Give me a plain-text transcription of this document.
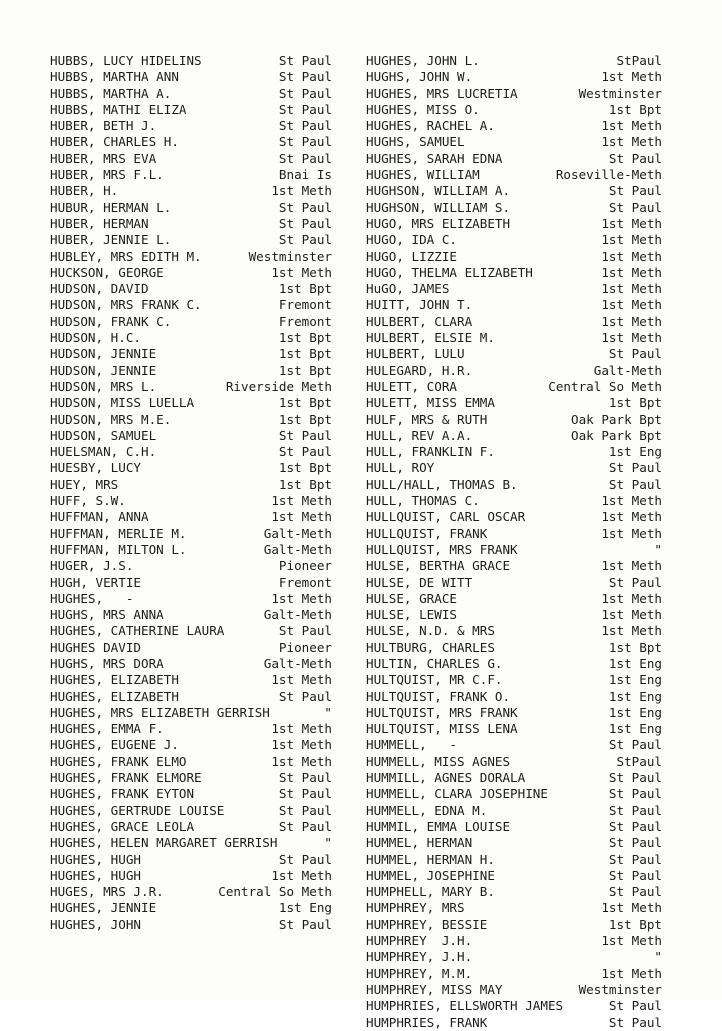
HUBBS, LUCY HIDELINS	St Paul
HUBBS, MARTHA ANN	St Paul
HUBBS, MARTHA A.	St Paul
HUBBS, MATHI ELIZA	St Paul
HUBER, BETH J.	St Paul
HUBER, CHARLES H.	St Paul
HUBER, MRS EVA	St Paul
HUBER, MRS F.L.	Bnai Is
HUBER, H.	1st Meth
HUBUR, HERMAN L.	St Paul
HUBER, HERMAN	St Paul
HUBER, JENNIE L.	St Paul
HUBLEY, MRS EDITH M.	Westminster
HUCKSON, GEORGE	1st Meth
HUDSON, DAVID	1st Bpt
HUDSON, MRS FRANK C.	Fremont
HUDSON, FRANK C.	Fremont
HUDSON, H.C.	1st Bpt
HUDSON, JENNIE	1st Bpt
HUDSON, JENNIE	1st Bpt
HUDSON, MRS L.	Riverside Meth
HUDSON, MISS LUELLA	1st Bpt
HUDSON, MRS M.E.	1st Bpt
HUDSON, SAMUEL	St Paul
HUELSMAN, C.H.	St Paul
HUESBY, LUCY	1st Bpt
HUEY, MRS	1st Bpt
HUFF, S.W.	1st Meth
HUFFMAN, ANNA	1st Meth
HUFFMAN, MERLIE M.	Galt-Meth
HUFFMAN, MILTON L.	Galt-Meth
HUGER, J.S.	Pioneer
HUGH, VERTIE	Fremont
HUGHES,   -	1st Meth
HUGHS, MRS ANNA	Galt-Meth
HUGHES, CATHERINE LAURA	St Paul
HUGHES DAVID	Pioneer
HUGHS, MRS DORA	Galt-Meth
HUGHES, ELIZABETH	1st Meth
HUGHES, ELIZABETH	St Paul
HUGHES, MRS ELIZABETH GERRISH	"
HUGHES, EMMA F.	1st Meth
HUGHES, EUGENE J.	1st Meth
HUGHES, FRANK ELMO	1st Meth
HUGHES, FRANK ELMORE	St Paul
HUGHES, FRANK EYTON	St Paul
HUGHES, GERTRUDE LOUISE	St Paul
HUGHES, GRACE LEOLA	St Paul
HUGHES, HELEN MARGARET GERRISH	"
HUGHES, HUGH	St Paul
HUGHES, HUGH	1st Meth
HUGES, MRS J.R.	Central So Meth
HUGHES, JENNIE	1st Eng
HUGHES, JOHN	St Paul
HUGHES, JOHN L.	StPaul
HUGHS, JOHN W.	1st Meth
HUGHES, MRS LUCRETIA	Westminster
HUGHES, MISS O.	1st Bpt
HUGHES, RACHEL A.	1st Meth
HUGHS, SAMUEL	1st Meth
HUGHES, SARAH EDNA	St Paul
HUGHES, WILLIAM	Roseville-Meth
HUGHSON, WILLIAM A.	St Paul
HUGHSON, WILLIAM S.	St Paul
HUGO, MRS ELIZABETH	1st Meth
HUGO, IDA C.	1st Meth
HUGO, LIZZIE	1st Meth
HUGO, THELMA ELIZABETH	1st Meth
HuGO, JAMES	1st Meth
HUITT, JOHN T.	1st Meth
HULBERT, CLARA	1st Meth
HULBERT, ELSIE M.	1st Meth
HULBERT, LULU	St Paul
HULEGARD, H.R.	Galt-Meth
HULETT, CORA	Central So Meth
HULETT, MISS EMMA	1st Bpt
HULF, MRS & RUTH	Oak Park Bpt
HULL, REV A.A.	Oak Park Bpt
HULL, FRANKLIN F.	1st Eng
HULL, ROY	St Paul
HULL/HALL, THOMAS B.	St Paul
HULL, THOMAS C.	1st Meth
HULLQUIST, CARL OSCAR	1st Meth
HULLQUIST, FRANK	1st Meth
HULLQUIST, MRS FRANK	"
HULSE, BERTHA GRACE	1st Meth
HULSE, DE WITT	St Paul
HULSE, GRACE	1st Meth
HULSE, LEWIS	1st Meth
HULSE, N.D. & MRS	1st Meth
HULTBURG, CHARLES	1st Bpt
HULTIN, CHARLES G.	1st Eng
HULTQUIST, MR C.F.	1st Eng
HULTQUIST, FRANK O.	1st Eng
HULTQUIST, MRS FRANK	1st Eng
HULTQUIST, MISS LENA	1st Eng
HUMMELL,   -	St Paul
HUMMELL, MISS AGNES	StPaul
HUMMILL, AGNES DORALA	St Paul
HUMMELL, CLARA JOSEPHINE	St Paul
HUMMELL, EDNA M.	St Paul
HUMMIL, EMMA LOUISE	St Paul
HUMMEL, HERMAN	St Paul
HUMMEL, HERMAN H.	St Paul
HUMMEL, JOSEPHINE	St Paul
HUMPHELL, MARY B.	St Paul
HUMPHREY, MRS	1st Meth
HUMPHREY, BESSIE	1st Bpt
HUMPHREY  J.H.	1st Meth
HUMPHREY, J.H.	"
HUMPHREY, M.M.	1st Meth
HUMPHREY, MISS MAY	Westminster
HUMPHRIES, ELLSWORTH JAMES	St Paul
HUMPHRIES, FRANK	St Paul
